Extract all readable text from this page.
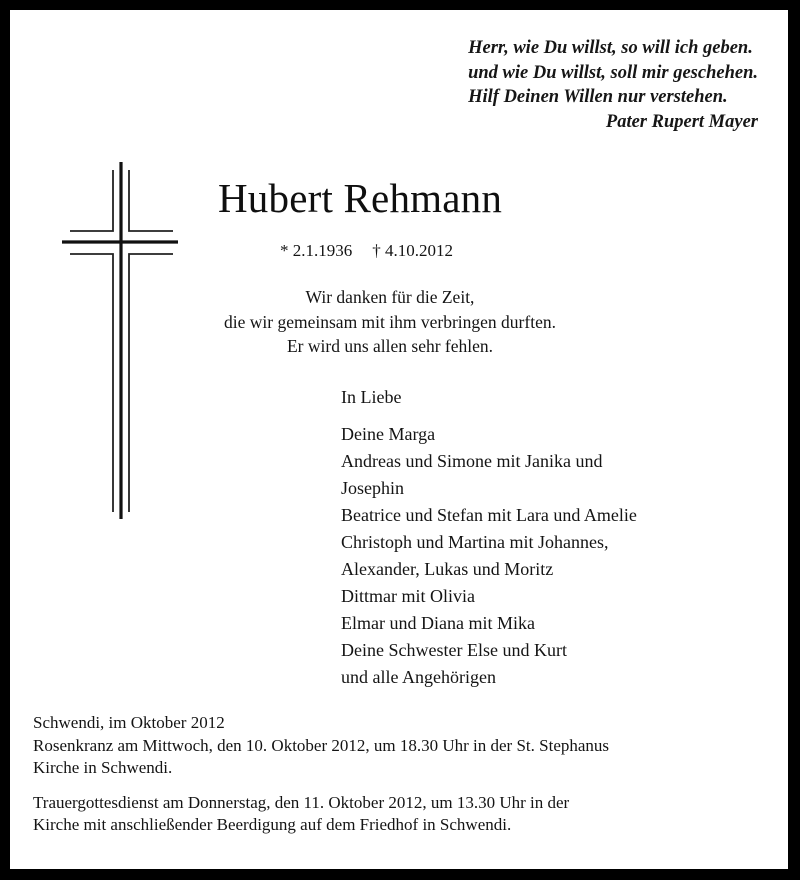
Herr, wie Du willst, so will ich geben.
und wie Du willst, soll mir geschehen.
Hilf Deinen Willen nur verstehen.
Pater Rupert Mayer
Hubert Rehmann
* 2.1.1936 † 4.10.2012
Wir danken für die Zeit,
die wir gemeinsam mit ihm verbringen durften.
Er wird uns allen sehr fehlen.
In Liebe
Deine Marga
Andreas und Simone mit Janika und
Josephin
Beatrice und Stefan mit Lara und Amelie
Christoph und Martina mit Johannes,
Alexander, Lukas und Moritz
Dittmar mit Olivia
Elmar und Diana mit Mika
Deine Schwester Else und Kurt
und alle Angehörigen
Schwendi, im Oktober 2012
Rosenkranz am Mittwoch, den 10. Oktober 2012, um 18.30 Uhr in der St. Stephanus
Kirche in Schwendi.
Trauergottesdienst am Donnerstag, den 11. Oktober 2012, um 13.30 Uhr in der
Kirche mit anschließender Beerdigung auf dem Friedhof in Schwendi.
